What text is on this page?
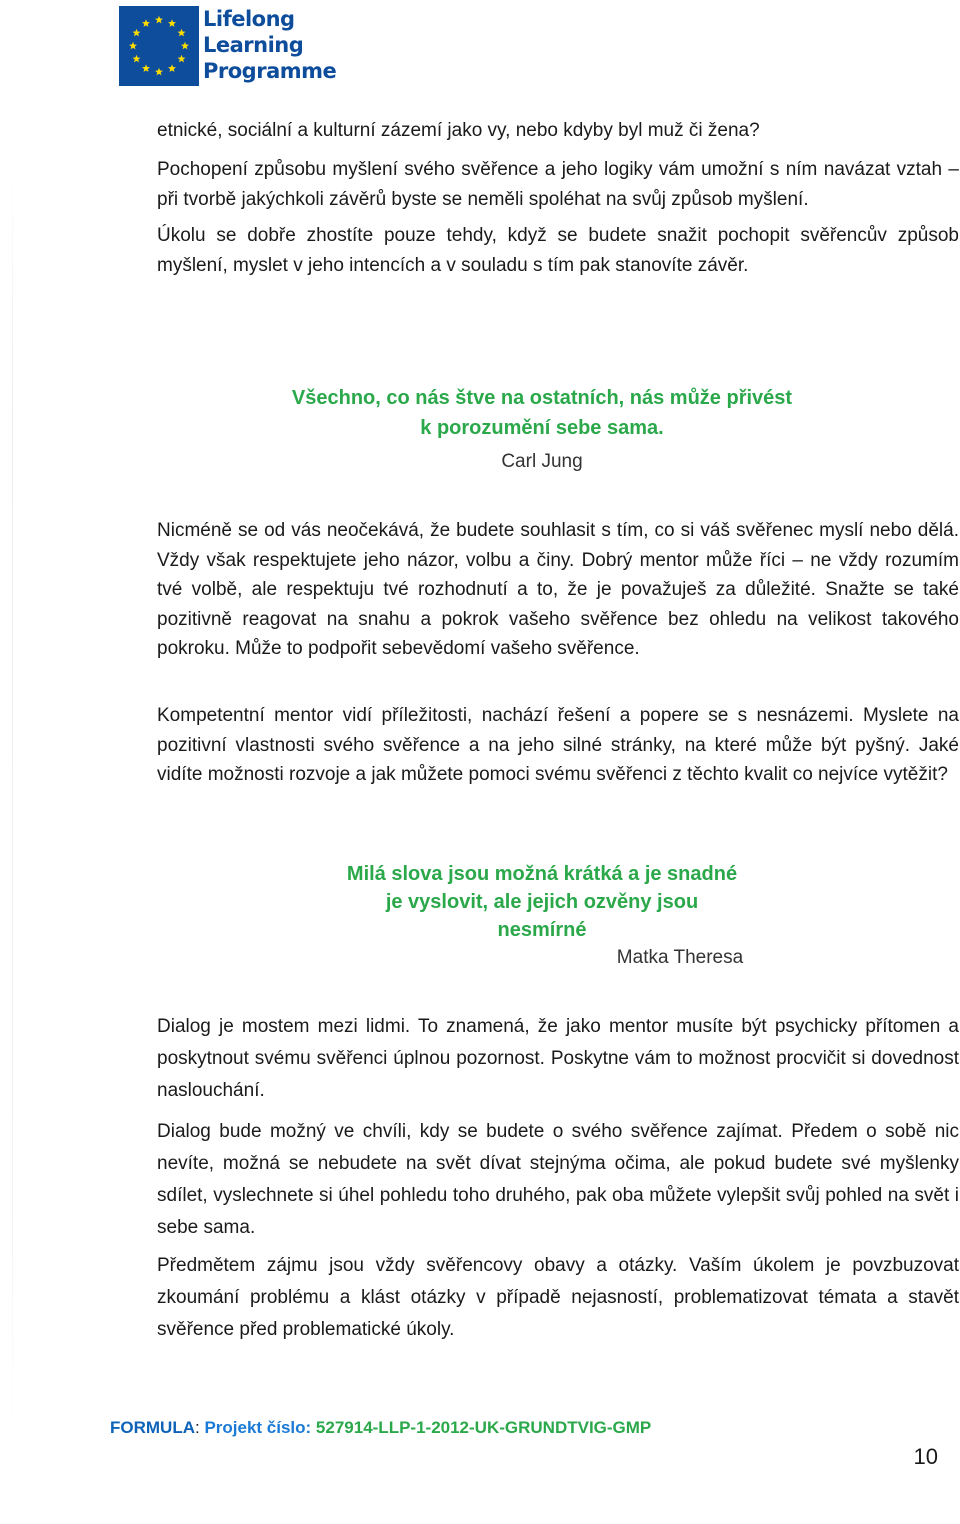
Lifelong
Learning
Programme

etnické, sociální a kulturní zázemí jako vy, nebo kdyby byl muž či žena?

Pochopení způsobu myšlení svého svěřence a jeho logiky vám umožní s ním navázat vztah – při tvorbě jakýchkoli závěrů byste se neměli spoléhat na svůj způsob myšlení.

Úkolu se dobře zhostíte pouze tehdy, když se budete snažit pochopit svěřencův způsob myšlení, myslet v jeho intencích a v souladu s tím pak stanovíte závěr.

Všechno, co nás štve na ostatních, nás může přivést

k porozumění sebe sama.

Carl Jung

Nicméně se od vás neočekává, že budete souhlasit s tím, co si váš svěřenec myslí nebo dělá. Vždy však respektujete jeho názor, volbu a činy. Dobrý mentor může říci – ne vždy rozumím tvé volbě, ale respektuju tvé rozhodnutí a to, že je považuješ za důležité. Snažte se také pozitivně reagovat na snahu a pokrok vašeho svěřence bez ohledu na velikost takového pokroku. Může to podpořit sebevědomí vašeho svěřence.

Kompetentní mentor vidí příležitosti, nachází řešení a popere se s nesnázemi. Myslete na pozitivní vlastnosti svého svěřence a na jeho silné stránky, na které může být pyšný. Jaké vidíte možnosti rozvoje a jak můžete pomoci svému svěřenci z těchto kvalit co nejvíce vytěžit?

Milá slova jsou možná krátká a je snadné

je vyslovit, ale jejich ozvěny jsou

nesmírné

Matka Theresa

Dialog je mostem mezi lidmi. To znamená, že jako mentor musíte být psychicky přítomen a poskytnout svému svěřenci úplnou pozornost. Poskytne vám to možnost procvičit si dovednost naslouchání.

Dialog bude možný ve chvíli, kdy se budete o svého svěřence zajímat. Předem o sobě nic nevíte, možná se nebudete na svět dívat stejnýma očima, ale pokud budete své myšlenky sdílet, vyslechnete si úhel pohledu toho druhého, pak oba můžete vylepšit svůj pohled na svět i sebe sama.

Předmětem zájmu jsou vždy svěřencovy obavy a otázky. Vaším úkolem je povzbuzovat zkoumání problému a klást otázky v případě nejasností, problematizovat témata a stavět svěřence před problematické úkoly.

FORMULA: Projekt číslo: 527914-LLP-1-2012-UK-GRUNDTVIG-GMP
10
